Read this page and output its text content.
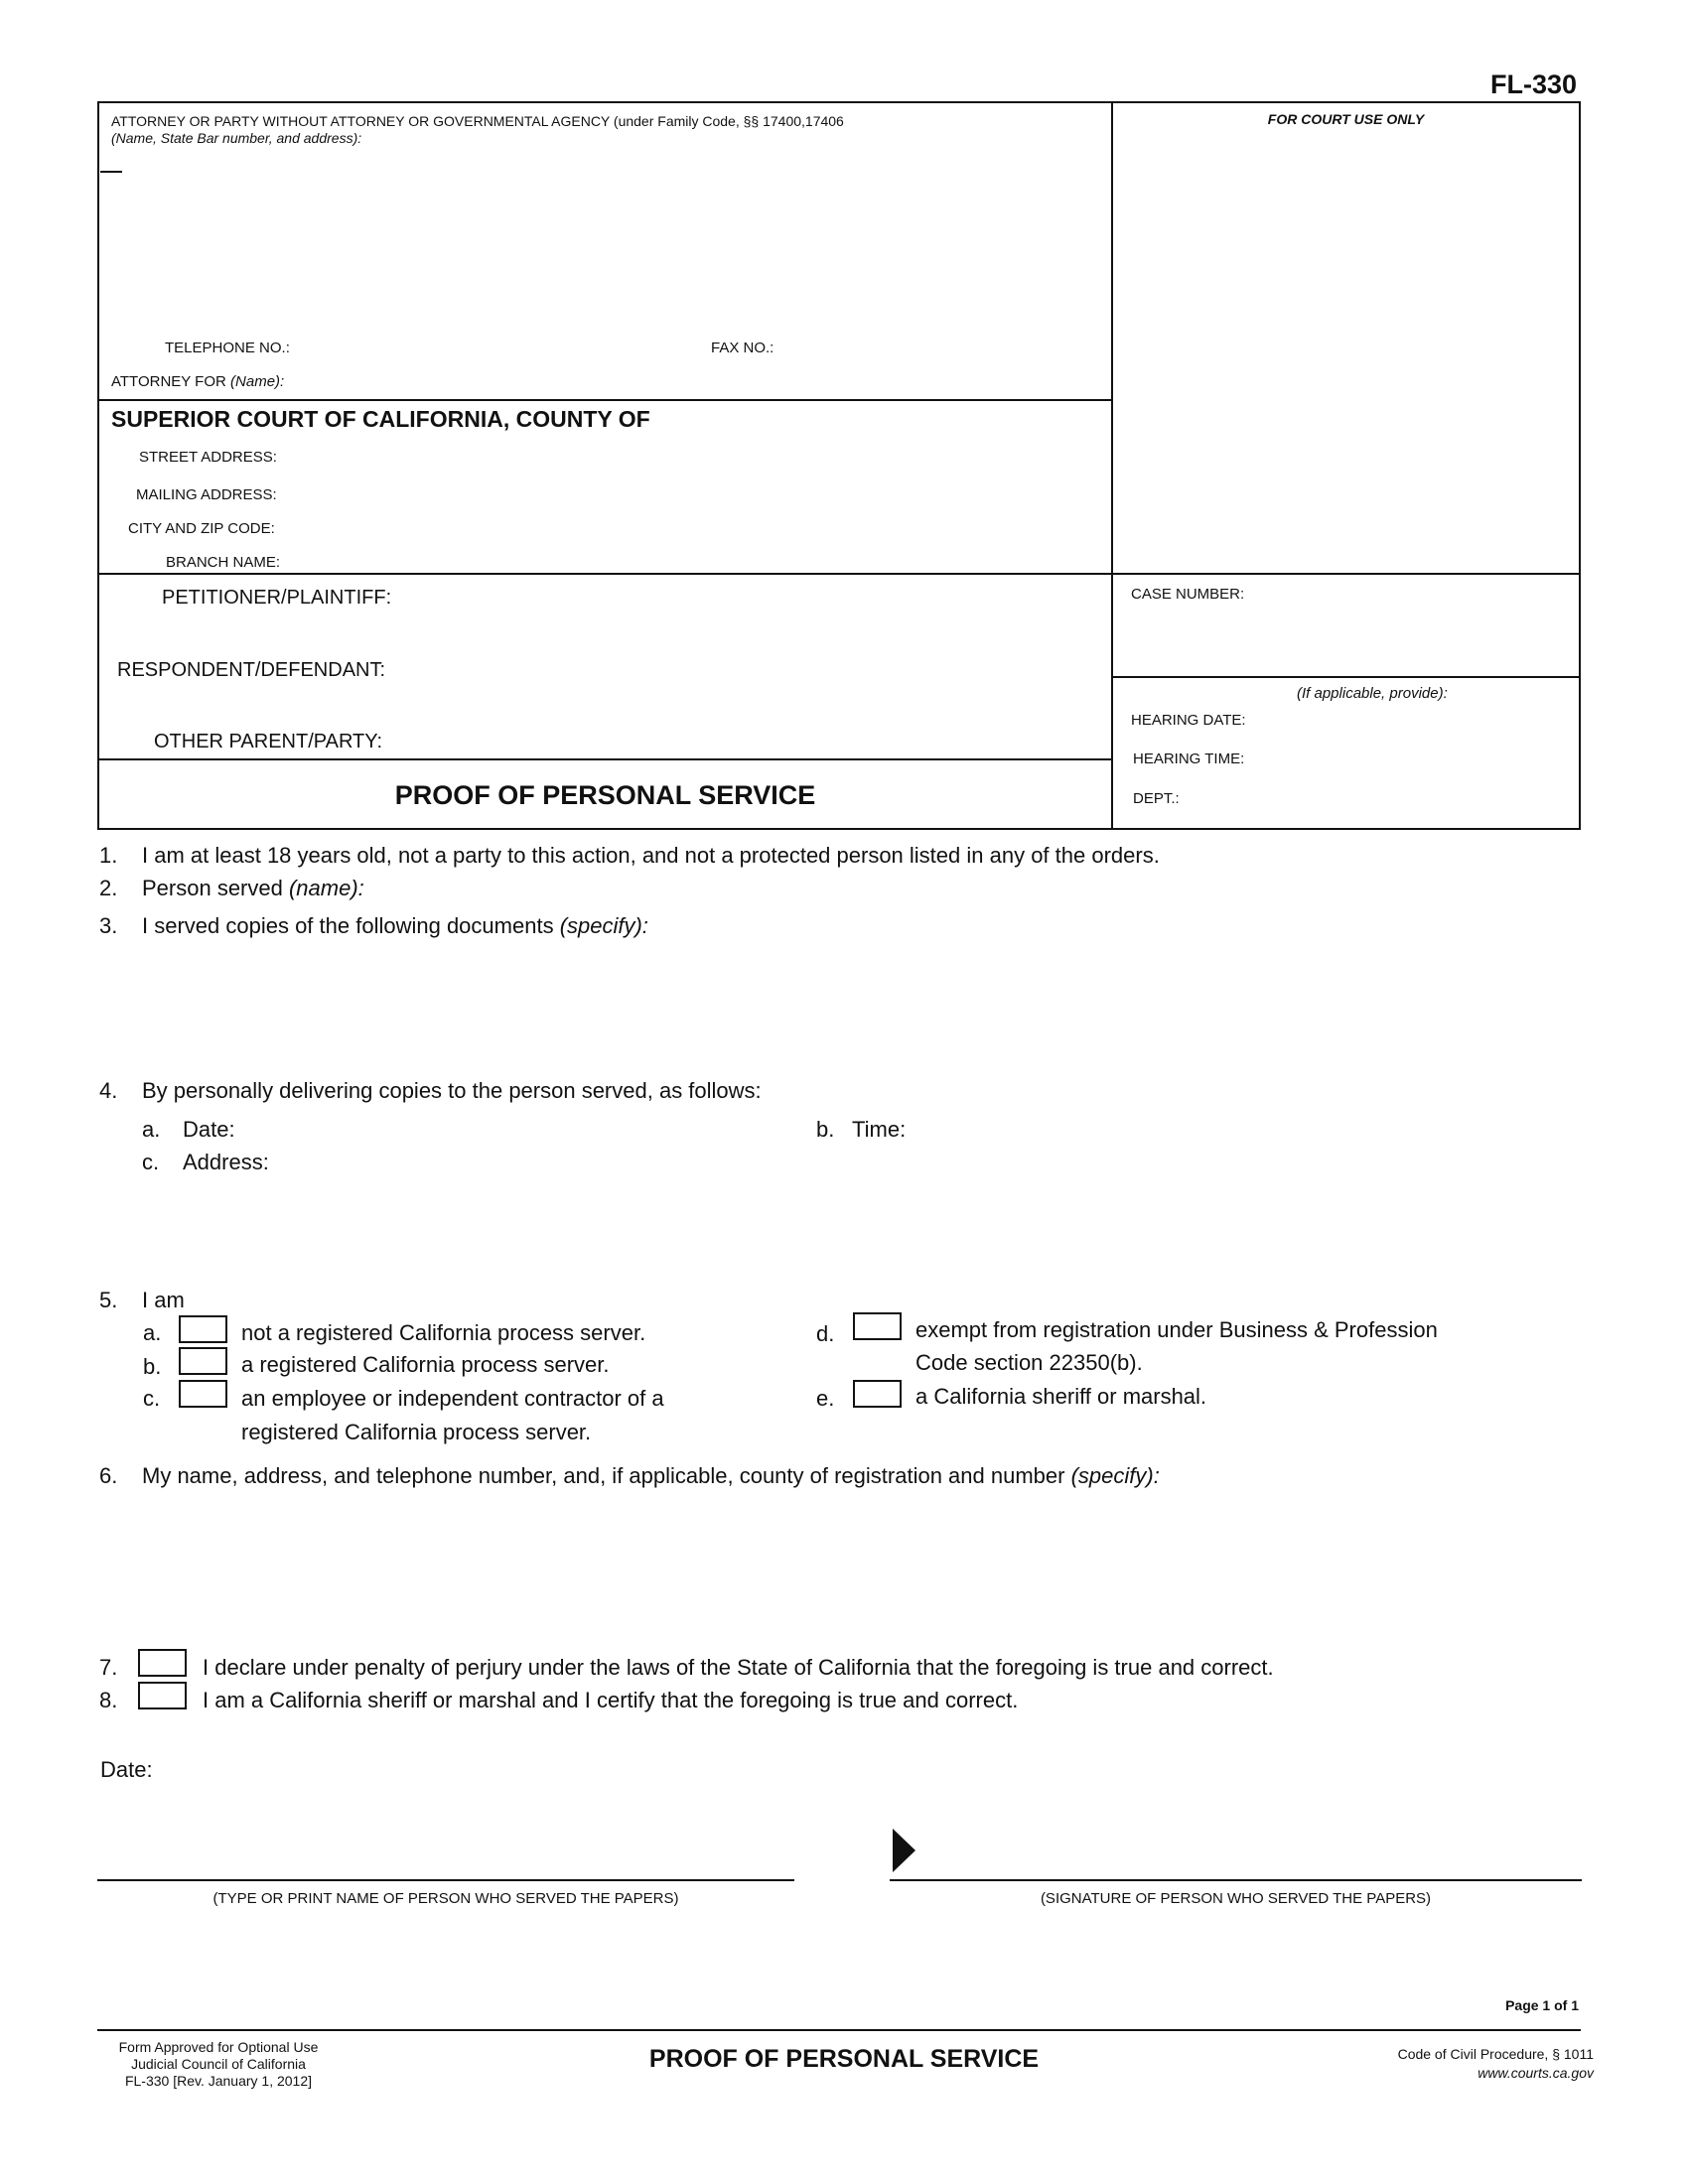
FL-330
ATTORNEY OR PARTY WITHOUT ATTORNEY OR GOVERNMENTAL AGENCY (under Family Code, §§ 17400,17406
(Name, State Bar number, and address):
TELEPHONE NO.:	FAX NO.:
ATTORNEY FOR (Name):
FOR COURT USE ONLY
SUPERIOR COURT OF CALIFORNIA, COUNTY OF
STREET ADDRESS:
MAILING ADDRESS:
CITY AND ZIP CODE:
BRANCH NAME:
PETITIONER/PLAINTIFF:
RESPONDENT/DEFENDANT:
OTHER PARENT/PARTY:
CASE NUMBER:
(If applicable, provide):
HEARING DATE:
HEARING TIME:
DEPT.:
PROOF OF PERSONAL SERVICE
1. I am at least 18 years old, not a party to this action, and not a protected person listed in any of the orders.
2. Person served (name):
3. I served copies of the following documents (specify):
4. By personally delivering copies to the person served, as follows:
a. Date:	b. Time:
c. Address:
5. I am
a.	not a registered California process server.
b.	a registered California process server.
c.	an employee or independent contractor of a
registered California process server.
d.	exempt from registration under Business & Profession
Code section 22350(b).
e.	a California sheriff or marshal.
6. My name, address, and telephone number, and, if applicable, county of registration and number (specify):
7.	I declare under penalty of perjury under the laws of the State of California that the foregoing is true and correct.
8.	I am a California sheriff or marshal and I certify that the foregoing is true and correct.
Date:
(TYPE OR PRINT NAME OF PERSON WHO SERVED THE PAPERS)	(SIGNATURE OF PERSON WHO SERVED THE PAPERS)
Page 1 of 1
Form Approved for Optional Use
Judicial Council of California
FL-330 [Rev. January 1, 2012]
PROOF OF PERSONAL SERVICE	Code of Civil Procedure, § 1011
www.courts.ca.gov
